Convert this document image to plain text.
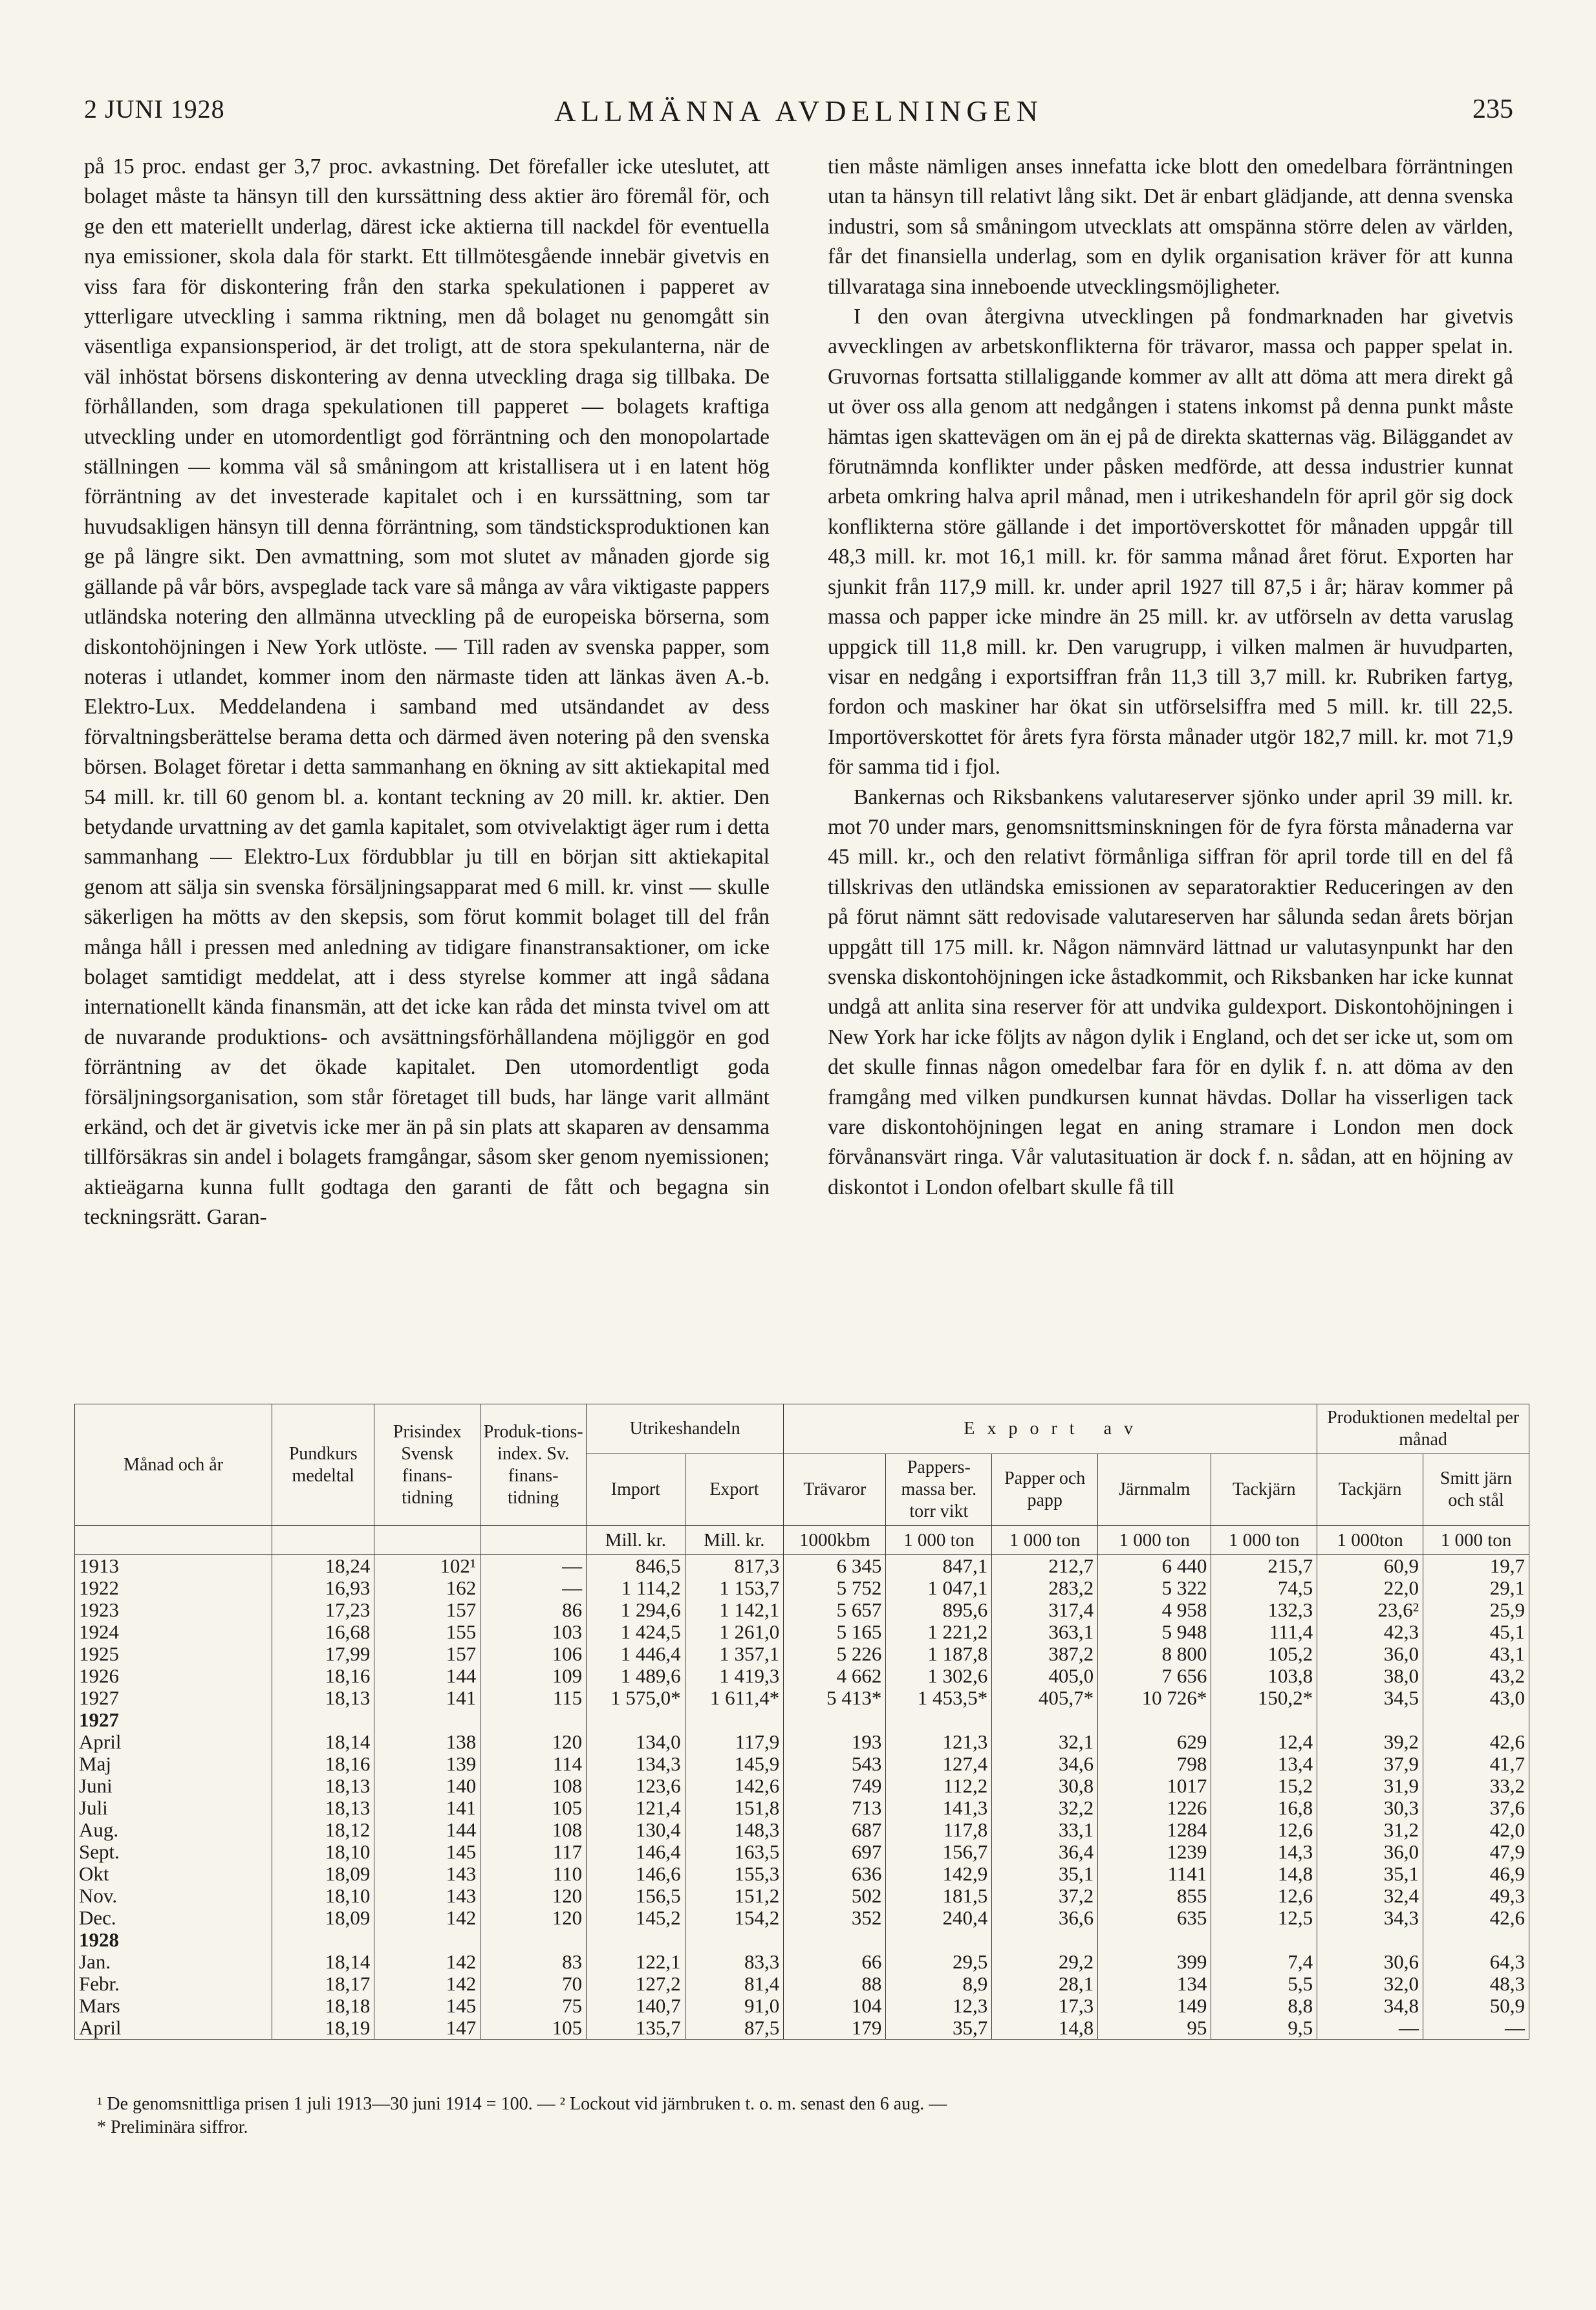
2 JUNI 1928	ALLMÄNNA AVDELNINGEN	235

på 15 proc. endast ger 3,7 proc. avkastning. Det förefaller icke uteslutet, att bolaget måste ta hänsyn till den kurssättning dess aktier äro föremål för, och ge den ett materiellt underlag, därest icke aktierna till nackdel för eventuella nya emissioner, skola dala för starkt. Ett tillmötesgående innebär givetvis en viss fara för diskontering från den starka spekulationen i papperet av ytterligare utveckling i samma riktning, men då bolaget nu genomgått sin väsentliga expansionsperiod, är det troligt, att de stora spekulanterna, när de väl inhöstat börsens diskontering av denna utveckling draga sig tillbaka. De förhållanden, som draga spekulationen till papperet — bolagets kraftiga utveckling under en utomordentligt god förräntning och den monopolartade ställningen — komma väl så småningom att kristallisera ut i en latent hög förräntning av det investerade kapitalet och i en kurssättning, som tar huvudsakligen hänsyn till denna förräntning, som tändsticksproduktionen kan ge på längre sikt. Den avmattning, som mot slutet av månaden gjorde sig gällande på vår börs, avspeglade tack vare så många av våra viktigaste pappers utländska notering den allmänna utveckling på de europeiska börserna, som diskontohöjningen i New York utlöste. — Till raden av svenska papper, som noteras i utlandet, kommer inom den närmaste tiden att länkas även A.-b. Elektro-Lux. Meddelandena i samband med utsändandet av dess förvaltningsberättelse berama detta och därmed även notering på den svenska börsen. Bolaget företar i detta sammanhang en ökning av sitt aktiekapital med 54 mill. kr. till 60 genom bl. a. kontant teckning av 20 mill. kr. aktier. Den betydande urvattning av det gamla kapitalet, som otvivelaktigt äger rum i detta sammanhang — Elektro-Lux fördubblar ju till en början sitt aktiekapital genom att sälja sin svenska försäljningsapparat med 6 mill. kr. vinst — skulle säkerligen ha mötts av den skepsis, som förut kommit bolaget till del från många håll i pressen med anledning av tidigare finanstransaktioner, om icke bolaget samtidigt meddelat, att i dess styrelse kommer att ingå sådana internationellt kända finansmän, att det icke kan råda det minsta tvivel om att de nuvarande produktions- och avsättningsförhållandena möjliggör en god förräntning av det ökade kapitalet. Den utomordentligt goda försäljningsorganisation, som står företaget till buds, har länge varit allmänt erkänd, och det är givetvis icke mer än på sin plats att skaparen av densamma tillförsäkras sin andel i bolagets framgångar, såsom sker genom nyemissionen; aktieägarna kunna fullt godtaga den garanti de fått och begagna sin teckningsrätt. Garan-

tien måste nämligen anses innefatta icke blott den omedelbara förräntningen utan ta hänsyn till relativt lång sikt. Det är enbart glädjande, att denna svenska industri, som så småningom utvecklats att omspänna större delen av världen, får det finansiella underlag, som en dylik organisation kräver för att kunna tillvaratagа sina inneboende utvecklingsmöjligheter.

I den ovan återgivna utvecklingen på fondmarknaden har givetvis avvecklingen av arbetskonflikterna för trävaror, massa och papper spelat in. Gruvornas fortsatta stillaliggande kommer av allt att döma att mera direkt gå ut över oss alla genom att nedgången i statens inkomst på denna punkt måste hämtas igen skattevägen om än ej på de direkta skatternas väg. Biläggandet av förutnämnda konflikter under påsken medförde, att dessa industrier kunnat arbeta omkring halva april månad, men i utrikeshandeln för april gör sig dock konflikterna störe gällande i det importöverskottet för månaden uppgår till 48,3 mill. kr. mot 16,1 mill. kr. för samma månad året förut. Exporten har sjunkit från 117,9 mill. kr. under april 1927 till 87,5 i år; härav kommer på massa och papper icke mindre än 25 mill. kr. av utförseln av detta varuslag uppgick till 11,8 mill. kr. Den varugrupp, i vilken malmen är huvudparten, visar en nedgång i exportsiffran från 11,3 till 3,7 mill. kr. Rubriken fartyg, fordon och maskiner har ökat sin utförselsiffra med 5 mill. kr. till 22,5. Importöverskottet för årets fyra första månader utgör 182,7 mill. kr. mot 71,9 för samma tid i fjol.

Bankernas och Riksbankens valutareserver sjönko under april 39 mill. kr. mot 70 under mars, genomsnittsminskningen för de fyra första månaderna var 45 mill. kr., och den relativt förmånliga siffran för april torde till en del få tillskrivas den utländska emissionen av separatoraktier Reduceringen av den på förut nämnt sätt redovisade valutareserven har sålunda sedan årets början uppgått till 175 mill. kr. Någon nämnvärd lättnad ur valutasynpunkt har den svenska diskontohöjningen icke åstadkommit, och Riksbanken har icke kunnat undgå att anlita sina reserver för att undvika guldexport. Diskontohöjningen i New York har icke följts av någon dylik i England, och det ser icke ut, som om det skulle finnas någon omedelbar fara för en dylik f. n. att döma av den framgång med vilken pundkursen kunnat hävdas. Dollar ha visserligen tack vare diskontohöjningen legat en aning stramare i London men dock förvånansvärt ringa. Vår valutasituation är dock f. n. sådan, att en höjning av diskontot i London ofelbart skulle få till

Månad och år	Pundkurs medeltal	Prisindex Svensk finans-tidning	Produk-tions-index. Sv. finans-tidning	Utrikeshandeln		E x p o r t   a v					Produktionen medeltal per månad	
				Import	Export	Trävaror	Pappers-massa ber. torr vikt	Papper och papp	Järnmalm	Tackjärn	Tackjärn	Smitt järn och stål
				Mill. kr.	Mill. kr.	1000kbm	1 000 ton	1 000 ton	1 000 ton	1 000 ton	1 000ton	1 000 ton
1913	18,24	102¹	—	846,5	817,3	6 345	847,1	212,7	6 440	215,7	60,9	19,7
1922	16,93	162	—	1 114,2	1 153,7	5 752	1 047,1	283,2	5 322	74,5	22,0	29,1
1923	17,23	157	86	1 294,6	1 142,1	5 657	895,6	317,4	4 958	132,3	23,6²	25,9
1924	16,68	155	103	1 424,5	1 261,0	5 165	1 221,2	363,1	5 948	111,4	42,3	45,1
1925	17,99	157	106	1 446,4	1 357,1	5 226	1 187,8	387,2	8 800	105,2	36,0	43,1
1926	18,16	144	109	1 489,6	1 419,3	4 662	1 302,6	405,0	7 656	103,8	38,0	43,2
1927	18,13	141	115	1 575,0*	1 611,4*	5 413*	1 453,5*	405,7*	10 726*	150,2*	34,5	43,0
1927												
April	18,14	138	120	134,0	117,9	193	121,3	32,1	629	12,4	39,2	42,6
Maj	18,16	139	114	134,3	145,9	543	127,4	34,6	798	13,4	37,9	41,7
Juni	18,13	140	108	123,6	142,6	749	112,2	30,8	1017	15,2	31,9	33,2
Juli	18,13	141	105	121,4	151,8	713	141,3	32,2	1226	16,8	30,3	37,6
Aug.	18,12	144	108	130,4	148,3	687	117,8	33,1	1284	12,6	31,2	42,0
Sept.	18,10	145	117	146,4	163,5	697	156,7	36,4	1239	14,3	36,0	47,9
Okt	18,09	143	110	146,6	155,3	636	142,9	35,1	1141	14,8	35,1	46,9
Nov.	18,10	143	120	156,5	151,2	502	181,5	37,2	855	12,6	32,4	49,3
Dec.	18,09	142	120	145,2	154,2	352	240,4	36,6	635	12,5	34,3	42,6
1928												
Jan.	18,14	142	83	122,1	83,3	66	29,5	29,2	399	7,4	30,6	64,3
Febr.	18,17	142	70	127,2	81,4	88	8,9	28,1	134	5,5	32,0	48,3
Mars	18,18	145	75	140,7	91,0	104	12,3	17,3	149	8,8	34,8	50,9
April	18,19	147	105	135,7	87,5	179	35,7	14,8	95	9,5	—	—
¹ De genomsnittliga prisen 1 juli 1913—30 juni 1914 = 100. — ² Lockout vid järnbruken t. o. m. senast den 6 aug. —
* Preliminära siffror.
